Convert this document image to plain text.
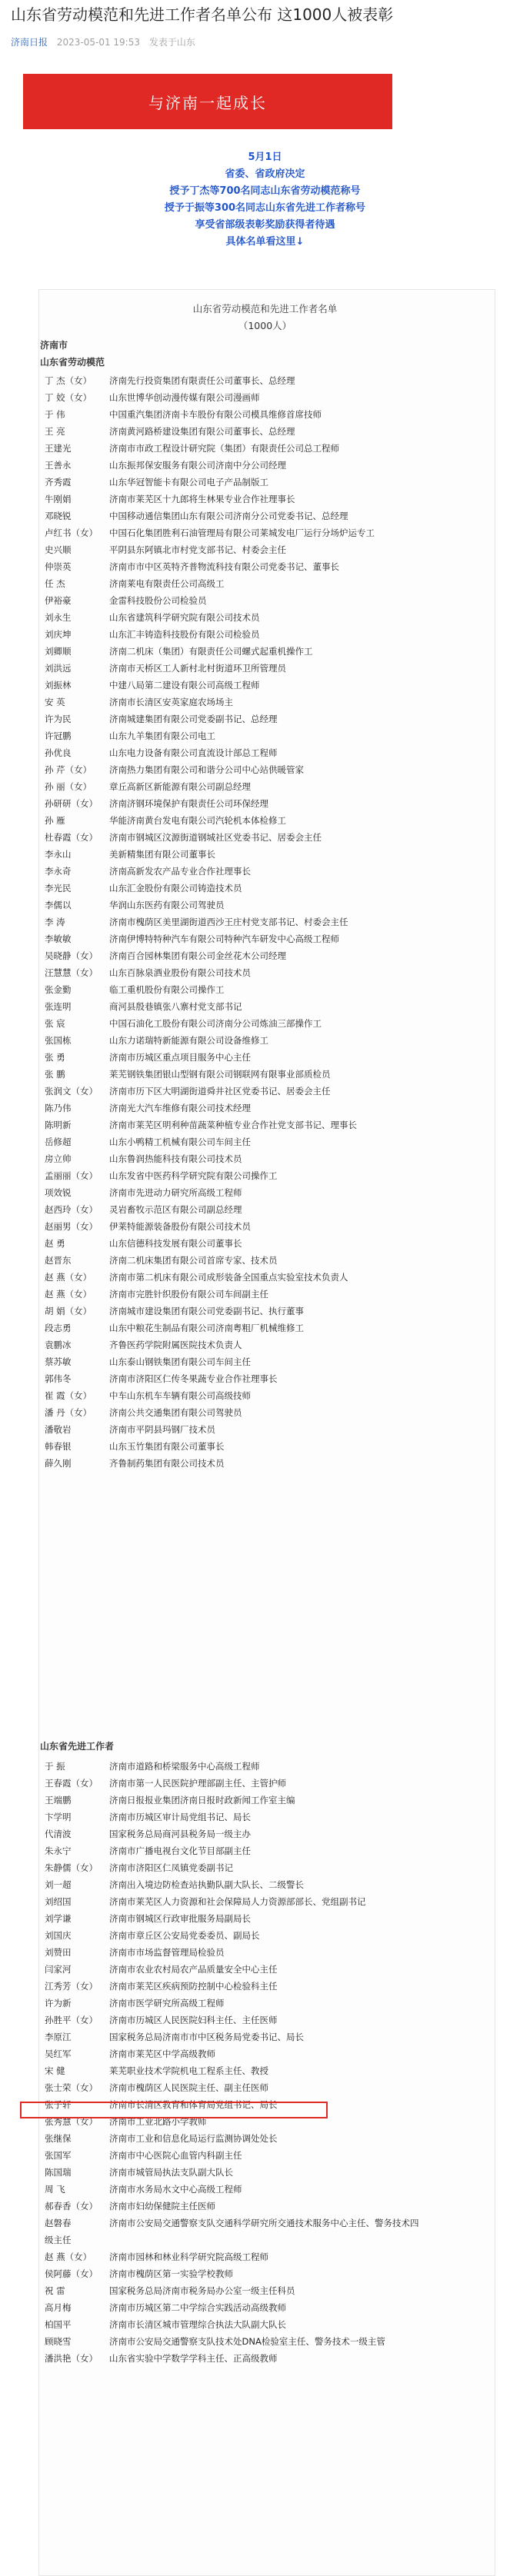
山东省劳动模范和先进工作者名单公布 这1000人被表彰
济南日报 2023-05-01 19:53 发表于山东
与济南一起成长
5月1日
省委、省政府决定
授予丁杰等700名同志山东省劳动模范称号
授予于振等300名同志山东省先进工作者称号
享受省部级表彰奖励获得者待遇
具体名单看这里↓
山东省劳动模范和先进工作者名单
（1000人）
济南市
山东省劳动模范
丁 杰（女） 济南先行投资集团有限责任公司董事长、总经理
丁 姣（女） 山东世博华创动漫传媒有限公司漫画师
于 伟	中国重汽集团济南卡车股份有限公司模具维修首席技师
王 亮	济南黄河路桥建设集团有限公司董事长、总经理
王建光	济南市市政工程设计研究院（集团）有限责任公司总工程师
王善永	山东振邦保安服务有限公司济南中分公司经理
齐秀霞	山东华冠智能卡有限公司电子产品制版工
牛刚娟	济南市莱芜区十九郎将生林果专业合作社理事长
邓晓锐	中国移动通信集团山东有限公司济南分公司党委书记、总经理
卢红书（女） 中国石化集团胜利石油管理局有限公司莱城发电厂运行分场炉运专工
史兴顺	平阴县东阿镇北市村党支部书记、村委会主任
仲崇英	济南市市中区英特齐普物流科技有限公司党委书记、董事长
任 杰	济南莱电有限责任公司高级工
伊裕豪	金雷科技股份公司检验员
刘永生	山东省建筑科学研究院有限公司技术员
刘庆坤	山东汇丰铸造科技股份有限公司检验员
刘卿顺	济南二机床（集团）有限责任公司螺式起重机操作工
刘洪远	济南市天桥区工人新村北村街道环卫所管理员
刘振林	中建八局第二建设有限公司高级工程师
安 英	济南市长清区安英家庭农场场主
许为民	济南城建集团有限公司党委副书记、总经理
许冠鹏	山东九羊集团有限公司电工
孙优良	山东电力设备有限公司直流设计部总工程师
孙 芹（女） 济南热力集团有限公司和谐分公司中心站供暖管家
孙 丽（女） 章丘高新区新能源有限公司副总经理
孙研研（女） 济南济钢环境保护有限责任公司环保经理
孙 雁	华能济南黄台发电有限公司汽轮机本体检修工
杜春霞（女） 济南市钢城区汶源街道钢城社区党委书记、居委会主任
李永山	美新精集团有限公司董事长
李永奇	济南高新发农产品专业合作社理事长
李光民	山东汇金股份有限公司铸造技术员
李儒以	华润山东医药有限公司驾驶员
李 涛	济南市槐荫区美里湖街道西沙王庄村党支部书记、村委会主任
李敏敏	济南伊博特特种汽车有限公司特种汽车研发中心高级工程师
吴晓静（女） 济南百合园林集团有限公司金丝花木公司经理
汪慧慧（女） 山东百脉泉酒业股份有限公司技术员
张金勤	临工重机股份有限公司操作工
张连明	商河县殷巷镇张八寨村党支部书记
张 宸	中国石油化工股份有限公司济南分公司炼油三部操作工
张国栋	山东力诺瑞特新能源有限公司设备维修工
张 勇	济南市历城区重点项目服务中心主任
张 鹏	莱芜钢铁集团银山型钢有限公司钢联网有限事业部质检员
张润文（女） 济南市历下区大明湖街道舜井社区党委书记、居委会主任
陈乃伟	济南光大汽车维修有限公司技术经理
陈明新	济南市莱芜区明利种苗蔬菜种植专业合作社党支部书记、理事长
岳修超	山东小鸭精工机械有限公司车间主任
房立帅	山东鲁润热能科技有限公司技术员
孟丽丽（女） 山东发省中医药科学研究院有限公司操作工
项效锐	济南市先进动力研究所高级工程师
赵西玲（女） 灵岩畜牧示范区有限公司副总经理
赵丽男（女） 伊莱特能源装备股份有限公司技术员
赵 勇	山东信德科技发展有限公司董事长
赵晋东	济南二机床集团有限公司首席专家、技术员
赵 燕（女） 济南市第二机床有限公司成形装备全国重点实验室技术负责人
赵 燕（女） 济南市完胜针织股份有限公司车间副主任
胡 娟（女） 济南城市建设集团有限公司党委副书记、执行董事
段志勇	山东中粮花生制品有限公司济南粤粗厂机械维修工
袁鹏冰	齐鲁医药学院附属医院技术负责人
蔡苏敏	山东泰山钢铁集团有限公司车间主任
郭伟冬	济南市济阳区仁传冬果蔬专业合作社理事长
崔 霞（女） 中车山东机车车辆有限公司高级技师
潘 丹（女） 济南公共交通集团有限公司驾驶员
潘敬岩	济南市平阴县玛钢厂技术员
韩春银	山东玉竹集团有限公司董事长
薛久刚	齐鲁制药集团有限公司技术员
山东省先进工作者
于 振	济南市道路和桥梁服务中心高级工程师
王春霞（女） 济南市第一人民医院护理部副主任、主管护师
王端鹏	济南日报报业集团济南日报时政新闻工作室主编
卞学明	济南市历城区审计局党组书记、局长
代清波	国家税务总局商河县税务局一级主办
朱永宁	济南市广播电视台文化节目部副主任
朱静儒（女） 济南市济阳区仁凤镇党委副书记
刘一超	济南出入境边防检查站执勤队副大队长、二级警长
刘绍国	济南市莱芜区人力资源和社会保障局人力资源部部长、党组副书记
刘学谦	济南市钢城区行政审批服务局副局长
刘国庆	济南市章丘区公安局党委委员、副局长
刘赞田	济南市市场监督管理局检验员
闫家河	济南市农业农村局农产品质量安全中心主任
江秀芳（女） 济南市莱芜区疾病预防控制中心检验科主任
许为新	济南市医学研究所高级工程师
孙胜平（女） 济南市历城区人民医院妇科主任、主任医师
李原江	国家税务总局济南市市中区税务局党委书记、局长
吴红军	济南市莱芜区中学高级教师
宋 健	莱芜职业技术学院机电工程系主任、教授
张士荣（女） 济南市槐荫区人民医院主任、副主任医师
张子轩	济南市长清区教育和体育局党组书记、局长
张秀慧（女） 济南市工业北路小学教师
张继保	济南市工业和信息化局运行监测协调处处长
张国军	济南市中心医院心血管内科副主任
陈国瑞	济南市城管局执法支队副大队长
周 飞	济南市水务局水文中心高级工程师
郝春香（女） 济南市妇幼保健院主任医师
赵磐春	济南市公安局交通警察支队交通科学研究所交通技术服务中心主任、警务技术四
级主任
赵 燕（女） 济南市园林和林业科学研究院高级工程师
侯阿藤（女） 济南市槐荫区第一实验学校教师
祝 雷	国家税务总局济南市税务局办公室一级主任科员
高月梅	济南市历城区第二中学综合实践活动高级教师
柏国平	济南市长清区城市管理综合执法大队副大队长
顾晓雪	济南市公安局交通警察支队技术处DNA检验室主任、警务技术一级主管
潘洪艳（女） 山东省实验中学数学学科主任、正高级教师
